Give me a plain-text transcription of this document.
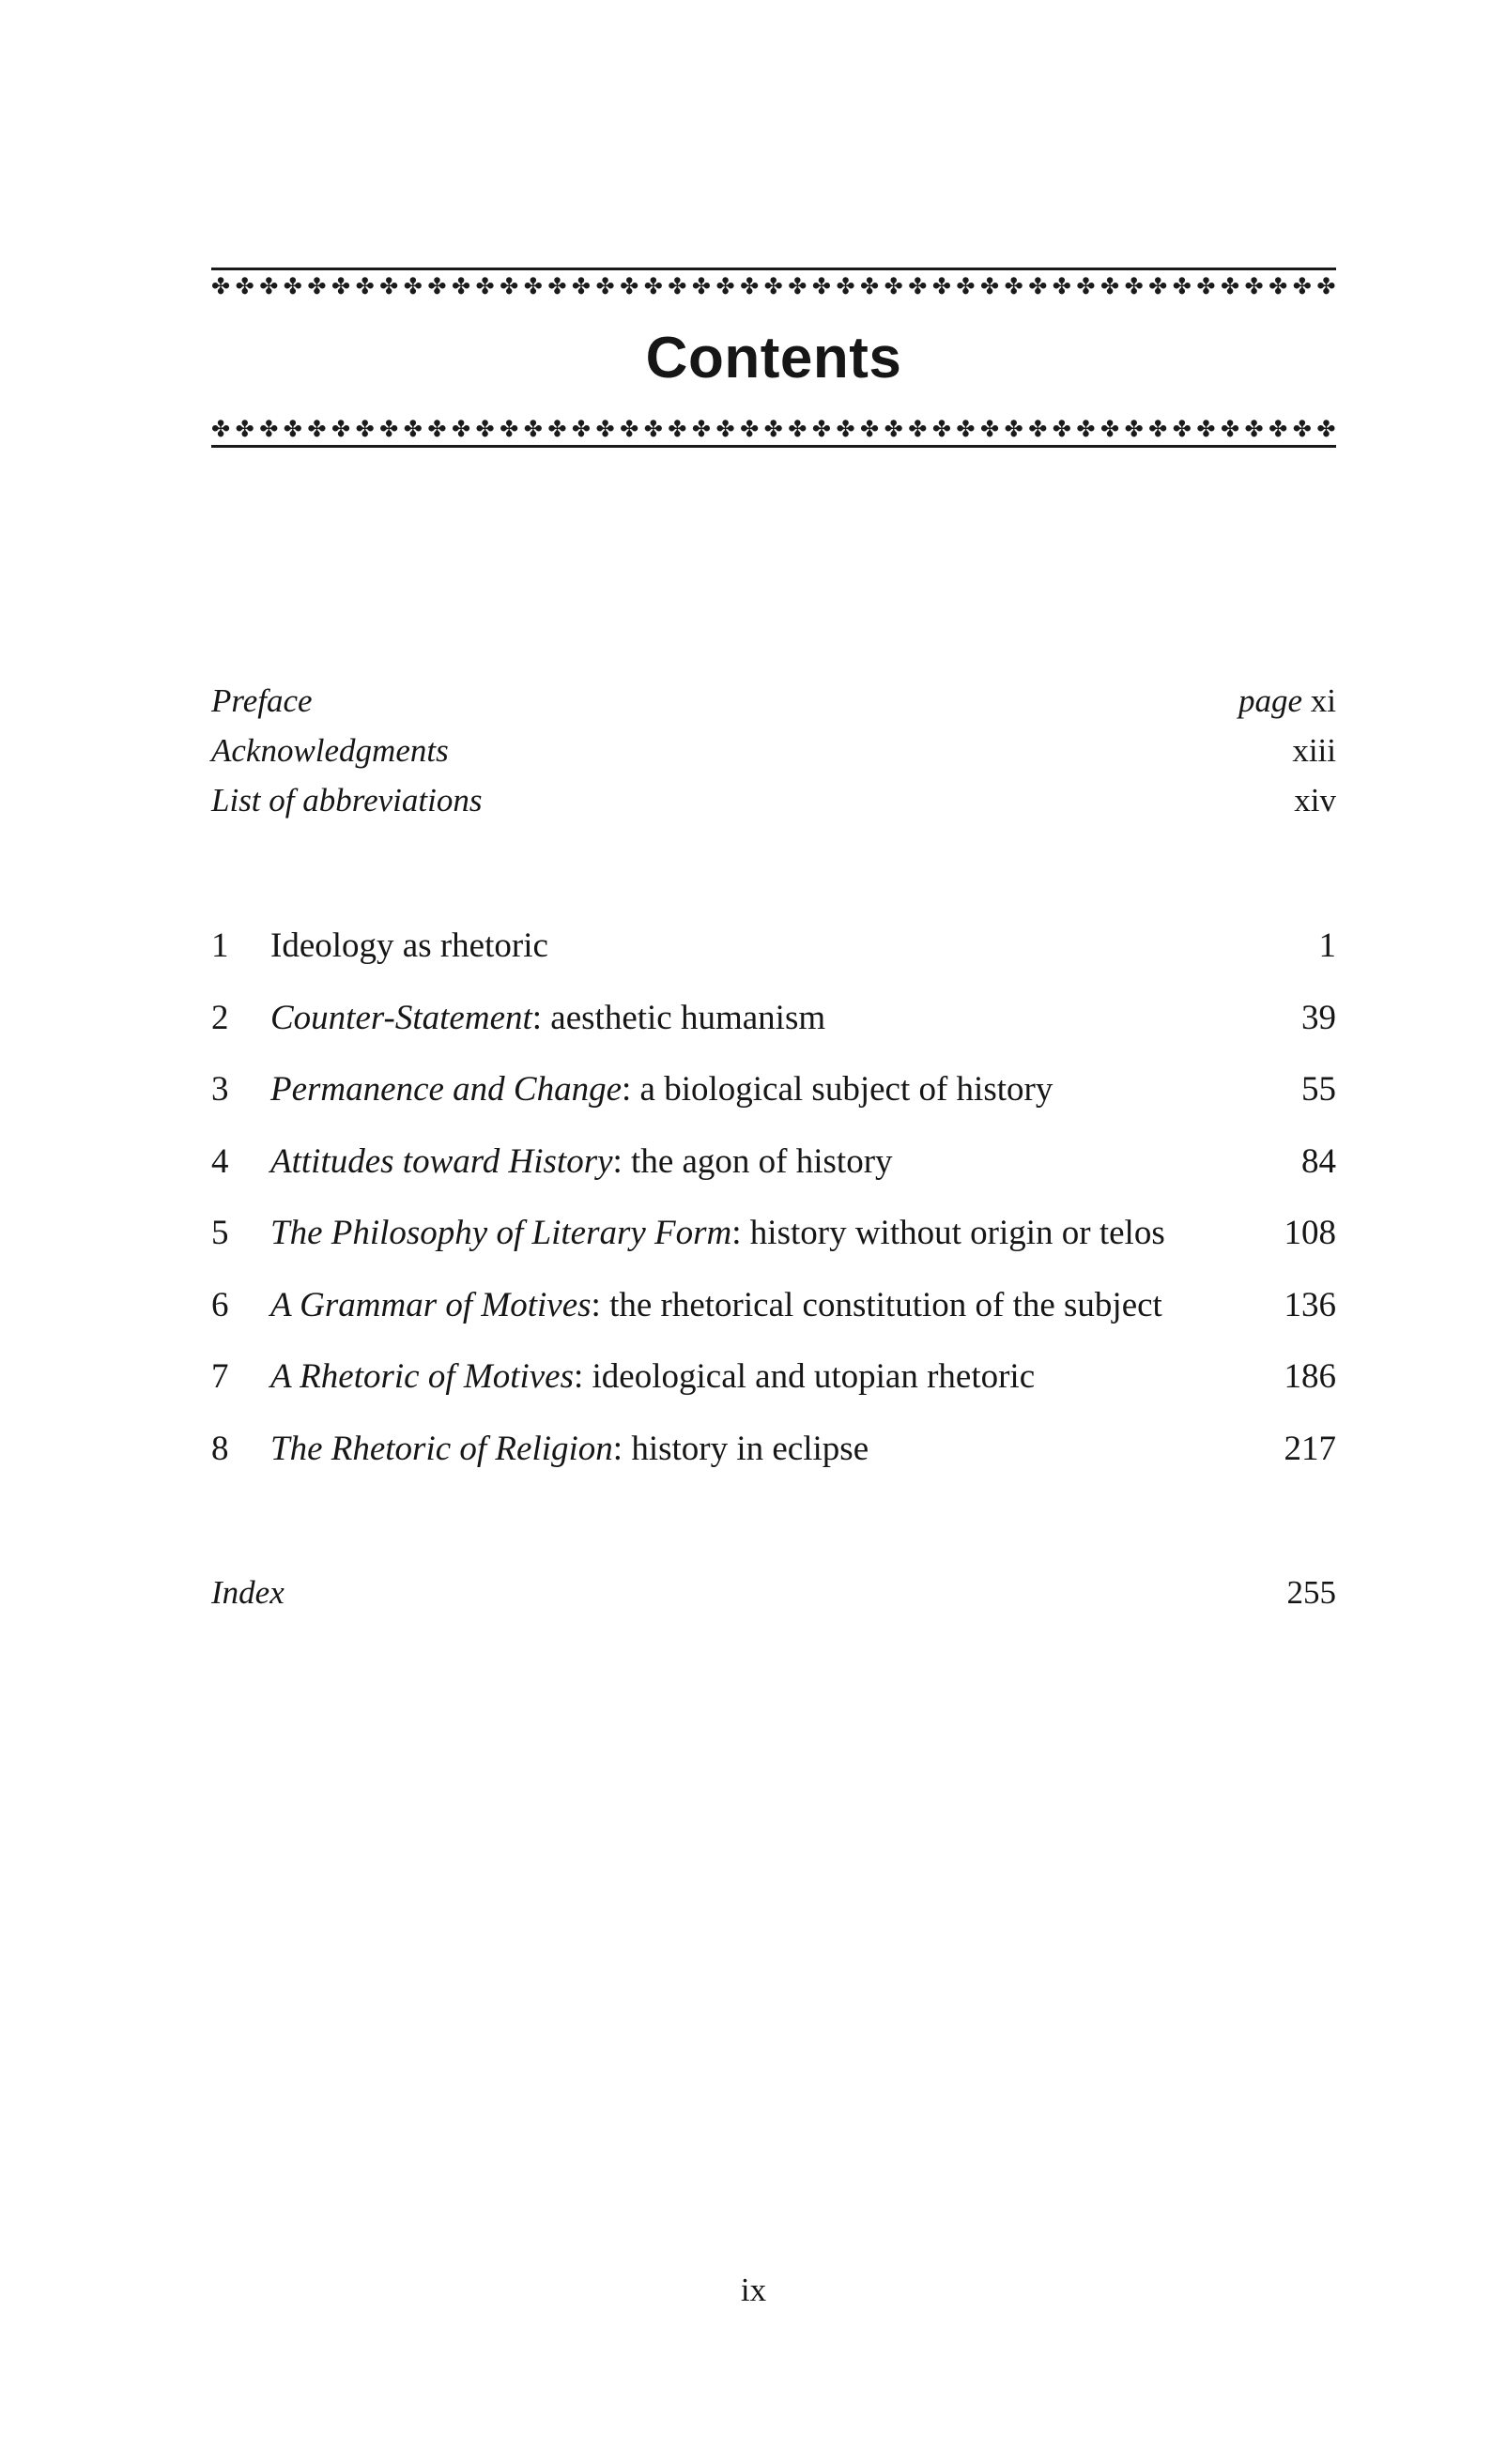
✤ ✤ ✤ ✤ ✤ ✤ ✤ ✤ ✤ ✤ ✤ ✤ ✤ ✤ ✤ ✤ ✤ ✤ ✤ ✤ ✤ ✤ ✤ ✤ ✤ ✤ ✤ ✤ ✤ ✤ ✤ ✤ ✤ ✤ ✤ ✤ ✤ ✤ ✤ ✤ ✤ ✤ ✤ ✤ ✤ ✤ ✤
Contents
✤ ✤ ✤ ✤ ✤ ✤ ✤ ✤ ✤ ✤ ✤ ✤ ✤ ✤ ✤ ✤ ✤ ✤ ✤ ✤ ✤ ✤ ✤ ✤ ✤ ✤ ✤ ✤ ✤ ✤ ✤ ✤ ✤ ✤ ✤ ✤ ✤ ✤ ✤ ✤ ✤ ✤ ✤ ✤ ✤ ✤ ✤
Preface	page xi
Acknowledgments	xiii
List of abbreviations	xiv
1	Ideology as rhetoric	1
2	Counter-Statement: aesthetic humanism	39
3	Permanence and Change: a biological subject of history	55
4	Attitudes toward History: the agon of history	84
5	The Philosophy of Literary Form: history without origin or telos	108
6	A Grammar of Motives: the rhetorical constitution of the subject	136
7	A Rhetoric of Motives: ideological and utopian rhetoric	186
8	The Rhetoric of Religion: history in eclipse	217
Index	255
ix
